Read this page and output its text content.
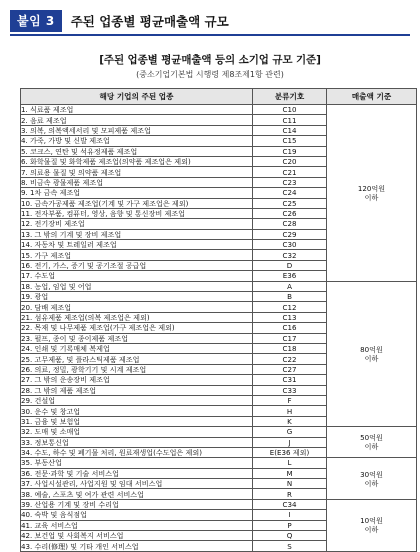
붙임 3	주된 업종별 평균매출액 규모
[주된 업종별 평균매출액 등의 소기업 규모 기준]
(중소기업기본법 시행령 제8조제1항 관련)
해당 기업의 주된 업종	분류기호	매출액 기준
1. 식료품 제조업	C10	120억원
이하

2. 음료 제조업	C11	
3. 의복, 의복액세서리 및 모피제품 제조업	C14	
4. 가죽, 가방 및 신발 제조업	C15	
5. 코크스, 연탄 및 석유정제품 제조업	C19	
6. 화학물질 및 화학제품 제조업(의약품 제조업은 제외)	C20	
7. 의료용 물질 및 의약품 제조업	C21	
8. 비금속 광물제품 제조업	C23	
9. 1차 금속 제조업	C24	
10. 금속가공제품 제조업(기계 및 가구 제조업은 제외)	C25	
11. 전자부품, 컴퓨터, 영상, 음향 및 통신장비 제조업	C26	
12. 전기장비 제조업	C28	
13. 그 밖의 기계 및 장비 제조업	C29	
14. 자동차 및 트레일러 제조업	C30	
15. 가구 제조업	C32	
16. 전기, 가스, 증기 및 공기조절 공급업	D	
17. 수도업	E36	
18. 농업, 임업 및 어업	A	80억원
이하

19. 광업	B	
20. 담배 제조업	C12	
21. 섬유제품 제조업(의복 제조업은 제외)	C13	
22. 목재 및 나무제품 제조업(가구 제조업은 제외)	C16	
23. 펄프, 종이 및 종이제품 제조업	C17	
24. 인쇄 및 기록매체 복제업	C18	
25. 고무제품, 및 플라스틱제품 제조업	C22	
26. 의료, 정밀, 광학기기 및 시계 제조업	C27	
27. 그 밖의 운송장비 제조업	C31	
28. 그 밖의 제품 제조업	C33	
29. 건설업	F	
30. 운수 및 창고업	H	
31. 금융 및 보험업	K	
32. 도매 및 소매업	G	50억원
이하

33. 정보통신업	J	
34. 수도, 하수 및 폐기물 처리, 원료재생업(수도업은 제외)	E(E36 제외)	
35. 부동산업	L	30억원
이하

36. 전문·과학 및 기술 서비스업	M	
37. 사업시설관리, 사업지원 및 임대 서비스업	N	
38. 예술, 스포츠 및 여가 관련 서비스업	R	
39. 산업용 기계 및 장비 수리업	C34	10억원
이하

40. 숙박 및 음식점업	I	
41. 교육 서비스업	P	
42. 보건업 및 사회복지 서비스업	Q	
43. 수리(修理) 및 기타 개인 서비스업	S	
